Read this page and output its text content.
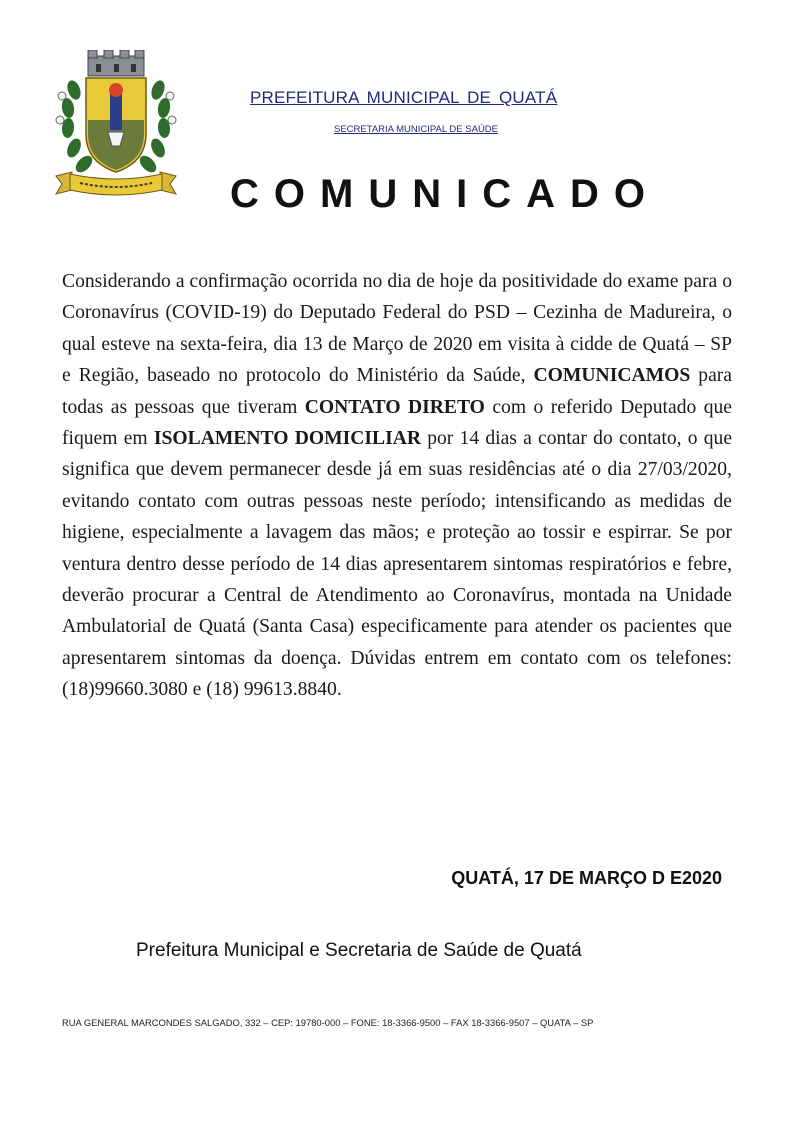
PREFEITURA MUNICIPAL DE QUATÁ
SECRETARIA MUNICIPAL DE SAÚDE
COMUNICADO

Considerando a confirmação ocorrida no dia de hoje da positividade do exame para o Coronavírus (COVID-19) do Deputado Federal do PSD – Cezinha de Madureira, o qual esteve na sexta-feira, dia 13 de Março de 2020 em visita à cidde de Quatá – SP e Região, baseado no protocolo do Ministério da Saúde, COMUNICAMOS para todas as pessoas que tiveram CONTATO DIRETO com o referido Deputado que fiquem em ISOLAMENTO DOMICILIAR por 14 dias a contar do contato, o que significa que devem permanecer desde já em suas residências até o dia 27/03/2020, evitando contato com outras pessoas neste período; intensificando as medidas de higiene, especialmente a lavagem das mãos; e proteção ao tossir e espirrar. Se por ventura dentro desse período de 14 dias apresentarem sintomas respiratórios e febre, deverão procurar a Central de Atendimento ao Coronavírus, montada na Unidade Ambulatorial de Quatá (Santa Casa) especificamente para atender os pacientes que apresentarem sintomas da doença. Dúvidas entrem em contato com os telefones: (18)99660.3080 e (18) 99613.8840.

QUATÁ, 17 DE MARÇO D E2020
Prefeitura Municipal e Secretaria de Saúde de Quatá
RUA GENERAL MARCONDES SALGADO, 332 – CEP: 19780-000 – FONE: 18-3366-9500 – FAX 18-3366-9507 – QUATA – SP
